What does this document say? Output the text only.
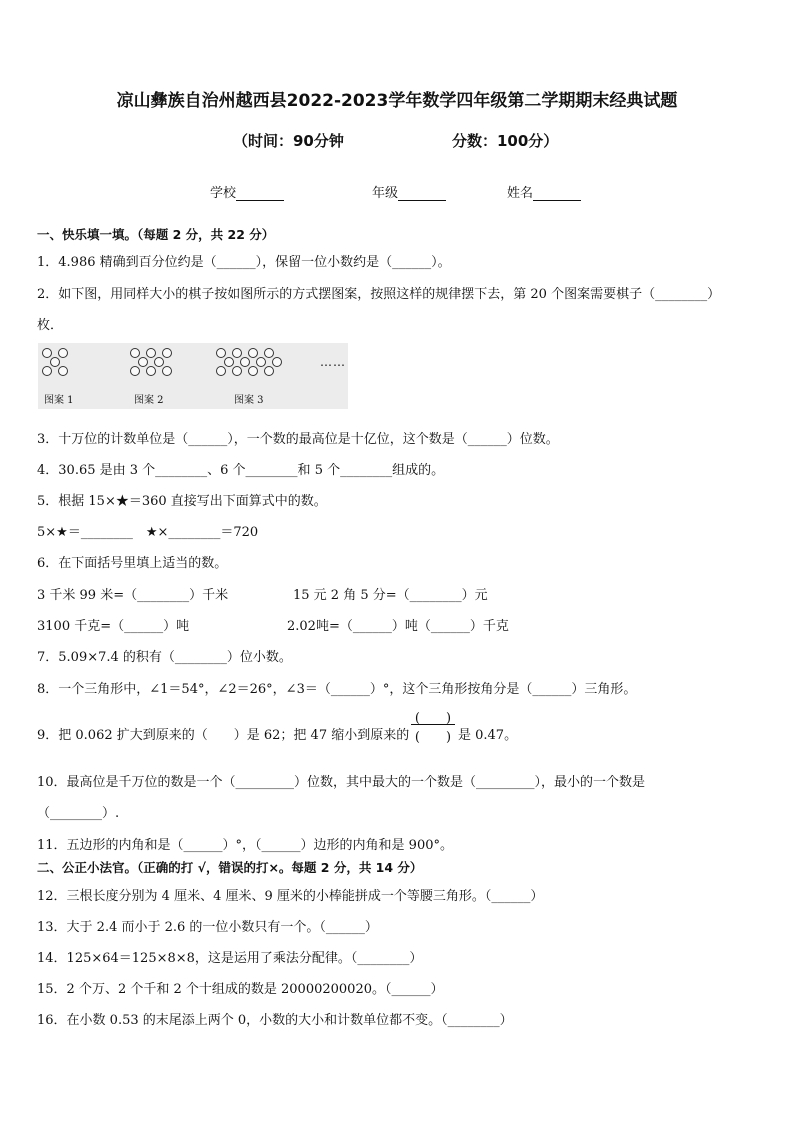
凉山彝族自治州越西县2022-2023学年数学四年级第二学期期末经典试题
（时间：90分钟	分数：100分）
学校	年级	姓名
一、快乐填一填。（每题 2 分，共 22 分）
1．4.986 精确到百分位约是（______），保留一位小数约是（______）。
2．如下图，用同样大小的棋子按如图所示的方式摆图案，按照这样的规律摆下去，第 20 个图案需要棋子（________）
枚．
……
图案 1	图案 2	图案 3
3．十万位的计数单位是（______），一个数的最高位是十亿位，这个数是（______）位数。
4．30.65 是由 3 个________、6 个________和 5 个________组成的。
5．根据 15×★＝360 直接写出下面算式中的数。
5×★＝________　★×________＝720
6．在下面括号里填上适当的数。
3 千米 99 米=（________）千米	15 元 2 角 5 分=（________）元
3100 千克=（______）吨	2.02吨=（______）吨（______）千克
7．5.09×7.4 的积有（________）位小数。
8．一个三角形中，∠1＝54°，∠2＝26°，∠3＝（______）°，这个三角形按角分是（______）三角形。
9．把 0.062 扩大到原来的（　　）是 62；把 47 缩小到原来的
(　　)
(　　) 是 0.47。
10．最高位是千万位的数是一个（_________）位数，其中最大的一个数是（_________），最小的一个数是
（________）.
11．五边形的内角和是（______）°，（______）边形的内角和是 900°。
二、公正小法官。（正确的打 √，错误的打×。每题 2 分，共 14 分）
12．三根长度分别为 4 厘米、4 厘米、9 厘米的小棒能拼成一个等腰三角形。（______）
13．大于 2.4 而小于 2.6 的一位小数只有一个。（______）
14．125×64＝125×8×8，这是运用了乘法分配律。（________）
15．2 个万、2 个千和 2 个十组成的数是 20000200020。（______）
16．在小数 0.53 的末尾添上两个 0，小数的大小和计数单位都不变。（________）
